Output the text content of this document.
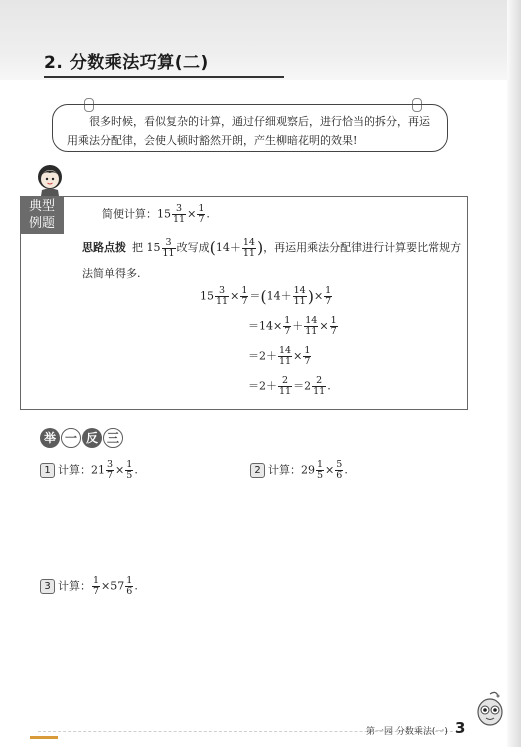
2. 分数乘法巧算(二)
很多时候，看似复杂的计算，通过仔细观察后，进行恰当的拆分，再运用乘法分配律，会使人顿时豁然开朗，产生柳暗花明的效果!
典型
例题
简便计算：$15 \frac{3}{11} \times \frac{1}{7}$ .
思路点拨 把 $15 \frac{3}{11}$ 改写成($14+ \frac{14}{11}$ )，再运用乘法分配律进行计算要比常规方法简单得多.
$15 \frac{3}{11} \times \frac{1}{7} =(14+ \frac{14}{11}$ )× $\frac{1}{7}$
$=14\times \frac{1}{7} + \frac{14}{11} \times \frac{1}{7}$
$=2+ \frac{14}{11} \times \frac{1}{7}$
$=2+ \frac{2}{11} =2 \frac{2}{11}$ .
举 一 反 三
1 计算：$21 \frac{3}{7} \times \frac{1}{5}$ .	2 计算：$29 \frac{1}{5} \times \frac{5}{6}$ .
3 计算： $\frac{1}{7} \times 57 \frac{1}{6}$ .
第一园 分数乘法(一) 3
